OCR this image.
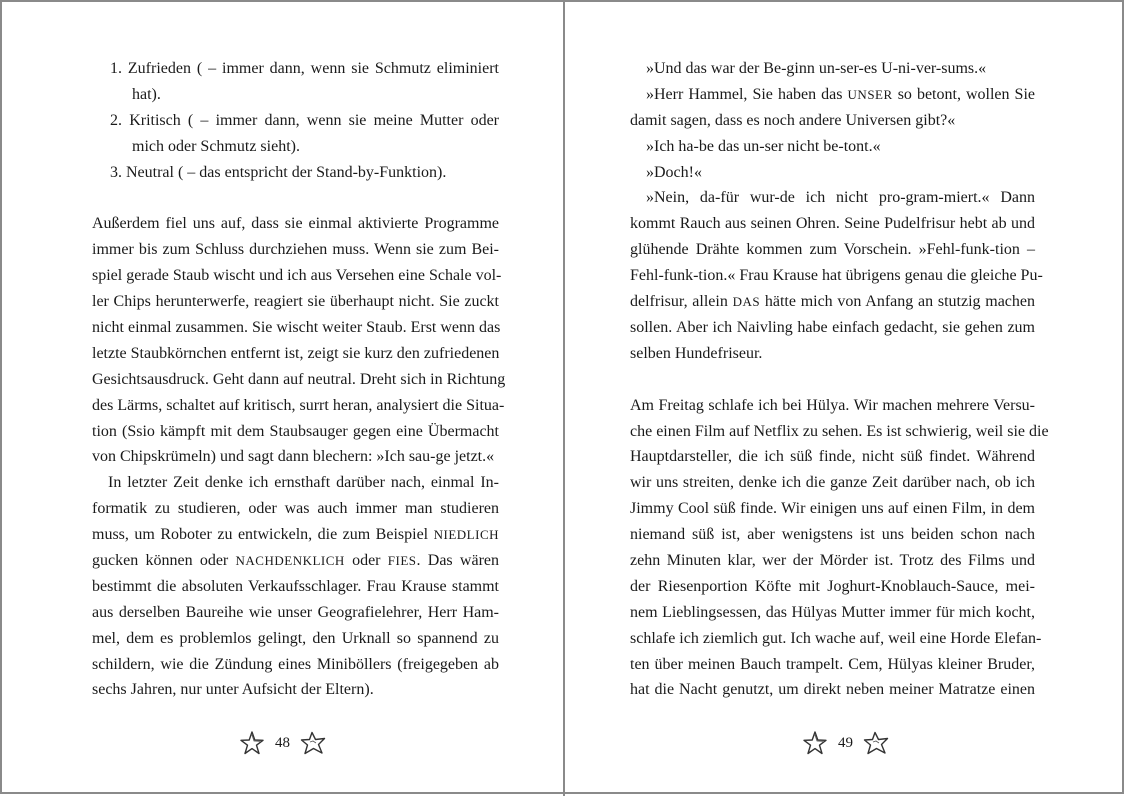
1. Zufrieden ( – immer dann, wenn sie Schmutz eliminiert
hat).
2. Kritisch ( – immer dann, wenn sie meine Mutter oder
mich oder Schmutz sieht).
3. Neutral ( – das entspricht der Stand-by-Funktion).
Außerdem fiel uns auf, dass sie einmal aktivierte Programme
immer bis zum Schluss durchziehen muss. Wenn sie zum Bei-
spiel gerade Staub wischt und ich aus Versehen eine Schale vol-
ler Chips herunterwerfe, reagiert sie überhaupt nicht. Sie zuckt
nicht einmal zusammen. Sie wischt weiter Staub. Erst wenn das
letzte Staubkörnchen entfernt ist, zeigt sie kurz den zufriedenen
Gesichtsausdruck. Geht dann auf neutral. Dreht sich in Richtung
des Lärms, schaltet auf kritisch, surrt heran, analysiert die Situa-
tion (Ssio kämpft mit dem Staubsauger gegen eine Übermacht
von Chipskrümeln) und sagt dann blechern: »Ich sau-ge jetzt.«
In letzter Zeit denke ich ernsthaft darüber nach, einmal In-
formatik zu studieren, oder was auch immer man studieren
muss, um Roboter zu entwickeln, die zum Beispiel NIEDLICH
gucken können oder NACHDENKLICH oder FIES. Das wären
bestimmt die absoluten Verkaufsschlager. Frau Krause stammt
aus derselben Baureihe wie unser Geografielehrer, Herr Ham-
mel, dem es problemlos gelingt, den Urknall so spannend zu
schildern, wie die Zündung eines Miniböllers (freigegeben ab
sechs Jahren, nur unter Aufsicht der Eltern).
48
»Und das war der Be-ginn un-ser-es U-ni-ver-sums.«
»Herr Hammel, Sie haben das UNSER so betont, wollen Sie
damit sagen, dass es noch andere Universen gibt?«
»Ich ha-be das un-ser nicht be-tont.«
»Doch!«
»Nein, da-für wur-de ich nicht pro-gram-miert.« Dann
kommt Rauch aus seinen Ohren. Seine Pudelfrisur hebt ab und
glühende Drähte kommen zum Vorschein. »Fehl-funk-tion –
Fehl-funk-tion.« Frau Krause hat übrigens genau die gleiche Pu-
delfrisur, allein DAS hätte mich von Anfang an stutzig machen
sollen. Aber ich Naivling habe einfach gedacht, sie gehen zum
selben Hundefriseur.
Am Freitag schlafe ich bei Hülya. Wir machen mehrere Versu-
che einen Film auf Netflix zu sehen. Es ist schwierig, weil sie die
Hauptdarsteller, die ich süß finde, nicht süß findet. Während
wir uns streiten, denke ich die ganze Zeit darüber nach, ob ich
Jimmy Cool süß finde. Wir einigen uns auf einen Film, in dem
niemand süß ist, aber wenigstens ist uns beiden schon nach
zehn Minuten klar, wer der Mörder ist. Trotz des Films und
der Riesenportion Köfte mit Joghurt-Knoblauch-Sauce, mei-
nem Lieblingsessen, das Hülyas Mutter immer für mich kocht,
schlafe ich ziemlich gut. Ich wache auf, weil eine Horde Elefan-
ten über meinen Bauch trampelt. Cem, Hülyas kleiner Bruder,
hat die Nacht genutzt, um direkt neben meiner Matratze einen
49
